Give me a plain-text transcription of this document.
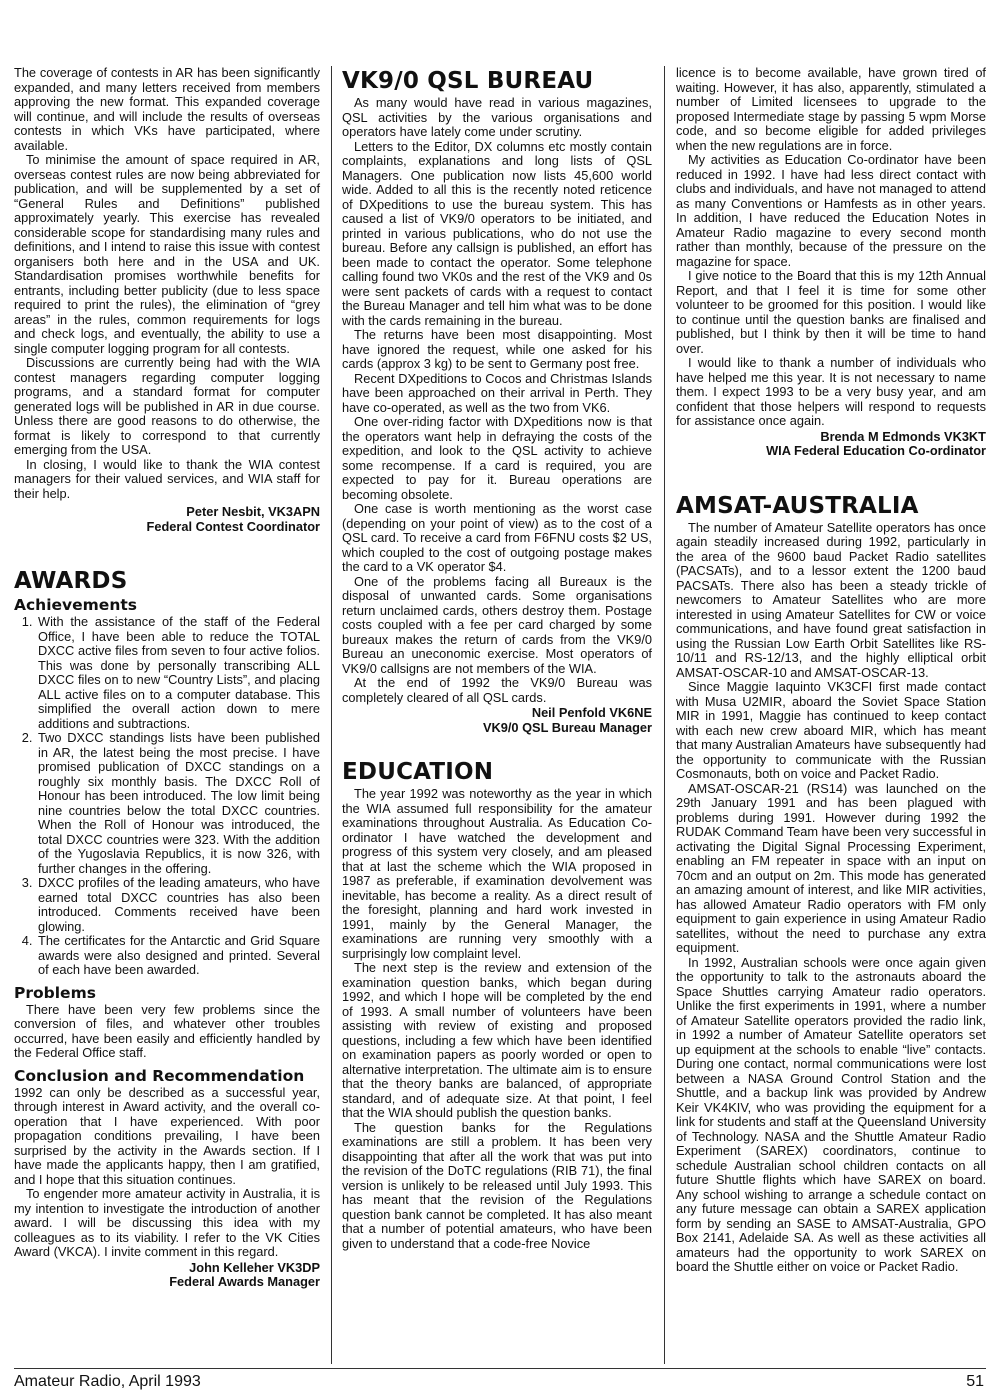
The coverage of contests in AR has been significantly expanded, and many letters received from members approving the new format. This expanded coverage will continue, and will include the results of overseas contests in which VKs have participated, where available.

To minimise the amount of space required in AR, overseas contest rules are now being abbreviated for publication, and will be supplemented by a set of “General Rules and Definitions” published approximately yearly. This exercise has revealed considerable scope for standardising many rules and definitions, and I intend to raise this issue with contest organisers both here and in the USA and UK. Standardisation promises worthwhile benefits for entrants, including better publicity (due to less space required to print the rules), the elimination of “grey areas” in the rules, common requirements for logs and check logs, and eventually, the ability to use a single computer logging program for all contests.

Discussions are currently being had with the WIA contest managers regarding computer logging programs, and a standard format for computer generated logs will be published in AR in due course. Unless there are good reasons to do otherwise, the format is likely to correspond to that currently emerging from the USA.

In closing, I would like to thank the WIA contest managers for their valued services, and WIA staff for their help.

Peter Nesbit, VK3APN
Federal Contest Coordinator
AWARDS
Achievements
1. With the assistance of the staff of the Federal Office, I have been able to reduce the TOTAL DXCC active files from seven to four active folios. This was done by personally transcribing ALL DXCC files on to new “Country Lists”, and placing ALL active files on to a computer database. This simplified the overall action down to mere additions and subtractions.
2. Two DXCC standings lists have been published in AR, the latest being the most precise. I have promised publication of DXCC standings on a roughly six monthly basis. The DXCC Roll of Honour has been introduced. The low limit being nine countries below the total DXCC countries. When the Roll of Honour was introduced, the total DXCC countries were 323. With the addition of the Yugoslavia Republics, it is now 326, with further changes in the offering.
3. DXCC profiles of the leading amateurs, who have earned total DXCC countries has also been introduced. Comments received have been glowing.
4. The certificates for the Antarctic and Grid Square awards were also designed and printed. Several of each have been awarded.
Problems

There have been very few problems since the conversion of files, and whatever other troubles occurred, have been easily and efficiently handled by the Federal Office staff.

Conclusion and Recommendation

1992 can only be described as a successful year, through interest in Award activity, and the overall co-operation that I have experienced. With poor propagation conditions prevailing, I have been surprised by the activity in the Awards section. If I have made the applicants happy, then I am gratified, and I hope that this situation continues.

To engender more amateur activity in Australia, it is my intention to investigate the introduction of another award. I will be discussing this idea with my colleagues as to its viability. I refer to the VK Cities Award (VKCA). I invite comment in this regard.

John Kelleher VK3DP
Federal Awards Manager
VK9/0 QSL BUREAU

As many would have read in various magazines, QSL activities by the various organisations and operators have lately come under scrutiny.

Letters to the Editor, DX columns etc mostly contain complaints, explanations and long lists of QSL Managers. One publication now lists 45,600 world wide. Added to all this is the recently noted reticence of DXpeditions to use the bureau system. This has caused a list of VK9/0 operators to be initiated, and printed in various publications, who do not use the bureau. Before any callsign is published, an effort has been made to contact the operator. Some telephone calling found two VK0s and the rest of the VK9 and 0s were sent packets of cards with a request to contact the Bureau Manager and tell him what was to be done with the cards remaining in the bureau.

The returns have been most disappointing. Most have ignored the request, while one asked for his cards (approx 3 kg) to be sent to Germany post free.

Recent DXpeditions to Cocos and Christmas Islands have been approached on their arrival in Perth. They have co-operated, as well as the two from VK6.

One over-riding factor with DXpeditions now is that the operators want help in defraying the costs of the expedition, and look to the QSL activity to achieve some recompense. If a card is required, you are expected to pay for it. Bureau operations are becoming obsolete.

One case is worth mentioning as the worst case (depending on your point of view) as to the cost of a QSL card. To receive a card from F6FNU costs $2 US, which coupled to the cost of outgoing postage makes the card to a VK operator $4.

One of the problems facing all Bureaux is the disposal of unwanted cards. Some organisations return unclaimed cards, others destroy them. Postage costs coupled with a fee per card charged by some bureaux makes the return of cards from the VK9/0 Bureau an uneconomic exercise. Most operators of VK9/0 callsigns are not members of the WIA.

At the end of 1992 the VK9/0 Bureau was completely cleared of all QSL cards.

Neil Penfold VK6NE
VK9/0 QSL Bureau Manager
EDUCATION

The year 1992 was noteworthy as the year in which the WIA assumed full responsibility for the amateur examinations throughout Australia. As Education Co-ordinator I have watched the development and progress of this system very closely, and am pleased that at last the scheme which the WIA proposed in 1987 as preferable, if examination devolvement was inevitable, has become a reality. As a direct result of the foresight, planning and hard work invested in 1991, mainly by the General Manager, the examinations are running very smoothly with a surprisingly low complaint level.

The next step is the review and extension of the examination question banks, which began during 1992, and which I hope will be completed by the end of 1993. A small number of volunteers have been assisting with review of existing and proposed questions, including a few which have been identified on examination papers as poorly worded or open to alternative interpretation. The ultimate aim is to ensure that the theory banks are balanced, of appropriate standard, and of adequate size. At that point, I feel that the WIA should publish the question banks.

The question banks for the Regulations examinations are still a problem. It has been very disappointing that after all the work that was put into the revision of the DoTC regulations (RIB 71), the final version is unlikely to be released until July 1993. This has meant that the revision of the Regulations question bank cannot be completed. It has also meant that a number of potential amateurs, who have been given to understand that a code-free Novice

licence is to become available, have grown tired of waiting. However, it has also, apparently, stimulated a number of Limited licensees to upgrade to the proposed Intermediate stage by passing 5 wpm Morse code, and so become eligible for added privileges when the new regulations are in force.

My activities as Education Co-ordinator have been reduced in 1992. I have had less direct contact with clubs and individuals, and have not managed to attend as many Conventions or Hamfests as in other years. In addition, I have reduced the Education Notes in Amateur Radio magazine to every second month rather than monthly, because of the pressure on the magazine for space.

I give notice to the Board that this is my 12th Annual Report, and that I feel it is time for some other volunteer to be groomed for this position. I would like to continue until the question banks are finalised and published, but I think by then it will be time to hand over.

I would like to thank a number of individuals who have helped me this year. It is not necessary to name them. I expect 1993 to be a very busy year, and am confident that those helpers will respond to requests for assistance once again.

Brenda M Edmonds VK3KT
WIA Federal Education Co-ordinator
AMSAT-AUSTRALIA

The number of Amateur Satellite operators has once again steadily increased during 1992, particularly in the area of the 9600 baud Packet Radio satellites (PACSATs), and to a lessor extent the 1200 baud PACSATs. There also has been a steady trickle of newcomers to Amateur Satellites who are more interested in using Amateur Satellites for CW or voice communications, and have found great satisfaction in using the Russian Low Earth Orbit Satellites like RS-10/11 and RS-12/13, and the highly elliptical orbit AMSAT-OSCAR-10 and AMSAT-OSCAR-13.

Since Maggie Iaquinto VK3CFI first made contact with Musa U2MIR, aboard the Soviet Space Station MIR in 1991, Maggie has continued to keep contact with each new crew aboard MIR, which has meant that many Australian Amateurs have subsequently had the opportunity to communicate with the Russian Cosmonauts, both on voice and Packet Radio.

AMSAT-OSCAR-21 (RS14) was launched on the 29th January 1991 and has been plagued with problems during 1991. However during 1992 the RUDAK Command Team have been very successful in activating the Digital Signal Processing Experiment, enabling an FM repeater in space with an input on 70cm and an output on 2m. This mode has generated an amazing amount of interest, and like MIR activities, has allowed Amateur Radio operators with FM only equipment to gain experience in using Amateur Radio satellites, without the need to purchase any extra equipment.

In 1992, Australian schools were once again given the opportunity to talk to the astronauts aboard the Space Shuttles carrying Amateur radio operators. Unlike the first experiments in 1991, where a number of Amateur Satellite operators provided the radio link, in 1992 a number of Amateur Satellite operators set up equipment at the schools to enable “live” contacts. During one contact, normal communications were lost between a NASA Ground Control Station and the Shuttle, and a backup link was provided by Andrew Keir VK4KIV, who was providing the equipment for a link for students and staff at the Queensland University of Technology. NASA and the Shuttle Amateur Radio Experiment (SAREX) coordinators, continue to schedule Australian school children contacts on all future Shuttle flights which have SAREX on board. Any school wishing to arrange a schedule contact on any future message can obtain a SAREX application form by sending an SASE to AMSAT-Australia, GPO Box 2141, Adelaide SA. As well as these activities all amateurs had the opportunity to work SAREX on board the Shuttle either on voice or Packet Radio.

Amateur Radio, April 1993	51
